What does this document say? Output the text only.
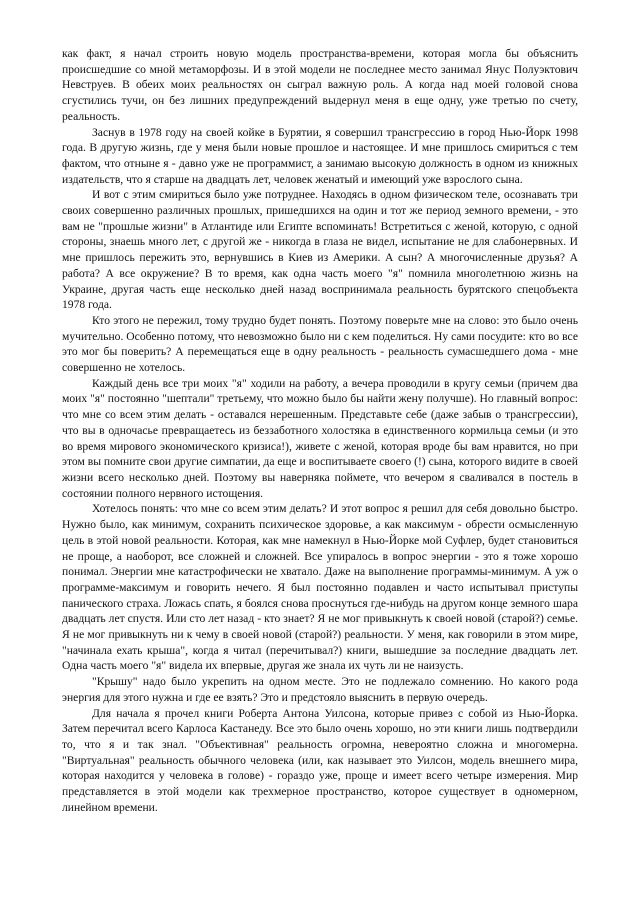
как факт, я начал строить новую модель пространства-времени, которая могла бы объяснить происшедшие со мной метаморфозы. И в этой модели не последнее место занимал Янус Полуэктович Невструев. В обеих моих реальностях он сыграл важную роль. А когда над моей головой снова сгустились тучи, он без лишних предупреждений выдернул меня в еще одну, уже третью по счету, реальность.

Заснув в 1978 году на своей койке в Бурятии, я совершил трансгрессию в город Нью-Йорк 1998 года. В другую жизнь, где у меня были новые прошлое и настоящее. И мне пришлось смириться с тем фактом, что отныне я - давно уже не программист, а занимаю высокую должность в одном из книжных издательств, что я старше на двадцать лет, человек женатый и имеющий уже взрослого сына.

И вот с этим смириться было уже потруднее. Находясь в одном физическом теле, осознавать три своих совершенно различных прошлых, пришедшихся на один и тот же период земного времени, - это вам не "прошлые жизни" в Атлантиде или Египте вспоминать! Встретиться с женой, которую, с одной стороны, знаешь много лет, с другой же - никогда в глаза не видел, испытание не для слабонервных. И мне пришлось пережить это, вернувшись в Киев из Америки. А сын? А многочисленные друзья? А работа? А все окружение? В то время, как одна часть моего "я" помнила многолетнюю жизнь на Украине, другая часть еще несколько дней назад воспринимала реальность бурятского спецобъекта 1978 года.

Кто этого не пережил, тому трудно будет понять. Поэтому поверьте мне на слово: это было очень мучительно. Особенно потому, что невозможно было ни с кем поделиться. Ну сами посудите: кто во все это мог бы поверить? А перемещаться еще в одну реальность - реальность сумасшедшего дома - мне совершенно не хотелось.

Каждый день все три моих "я" ходили на работу, а вечера проводили в кругу семьи (причем два моих "я" постоянно "шептали" третьему, что можно было бы найти жену получше). Но главный вопрос: что мне со всем этим делать - оставался нерешенным. Представьте себе (даже забыв о трансгрессии), что вы в одночасье превращаетесь из беззаботного холостяка в единственного кормильца семьи (и это во время мирового экономического кризиса!), живете с женой, которая вроде бы вам нравится, но при этом вы помните свои другие симпатии, да еще и воспитываете своего (!) сына, которого видите в своей жизни всего несколько дней. Поэтому вы наверняка поймете, что вечером я сваливался в постель в состоянии полного нервного истощения.

Хотелось понять: что мне со всем этим делать? И этот вопрос я решил для себя довольно быстро. Нужно было, как минимум, сохранить психическое здоровье, а как максимум - обрести осмысленную цель в этой новой реальности. Которая, как мне намекнул в Нью-Йорке мой Суфлер, будет становиться не проще, а наоборот, все сложней и сложней. Все упиралось в вопрос энергии - это я тоже хорошо понимал. Энергии мне катастрофически не хватало. Даже на выполнение программы-минимум. А уж о программе-максимум и говорить нечего. Я был постоянно подавлен и часто испытывал приступы панического страха. Ложась спать, я боялся снова проснуться где-нибудь на другом конце земного шара двадцать лет спустя. Или сто лет назад - кто знает? Я не мог привыкнуть к своей новой (старой?) семье. Я не мог привыкнуть ни к чему в своей новой (старой?) реальности. У меня, как говорили в этом мире, "начинала ехать крыша", когда я читал (перечитывал?) книги, вышедшие за последние двадцать лет. Одна часть моего "я" видела их впервые, другая же знала их чуть ли не наизусть.

"Крышу" надо было укрепить на одном месте. Это не подлежало сомнению. Но какого рода энергия для этого нужна и где ее взять? Это и предстояло выяснить в первую очередь.

Для начала я прочел книги Роберта Антона Уилсона, которые привез с собой из Нью-Йорка. Затем перечитал всего Карлоса Кастанеду. Все это было очень хорошо, но эти книги лишь подтвердили то, что я и так знал. "Объективная" реальность огромна, невероятно сложна и многомерна. "Виртуальная" реальность обычного человека (или, как называет это Уилсон, модель внешнего мира, которая находится у человека в голове) - гораздо уже, проще и имеет всего четыре измерения. Мир представляется в этой модели как трехмерное пространство, которое существует в одномерном, линейном времени.
